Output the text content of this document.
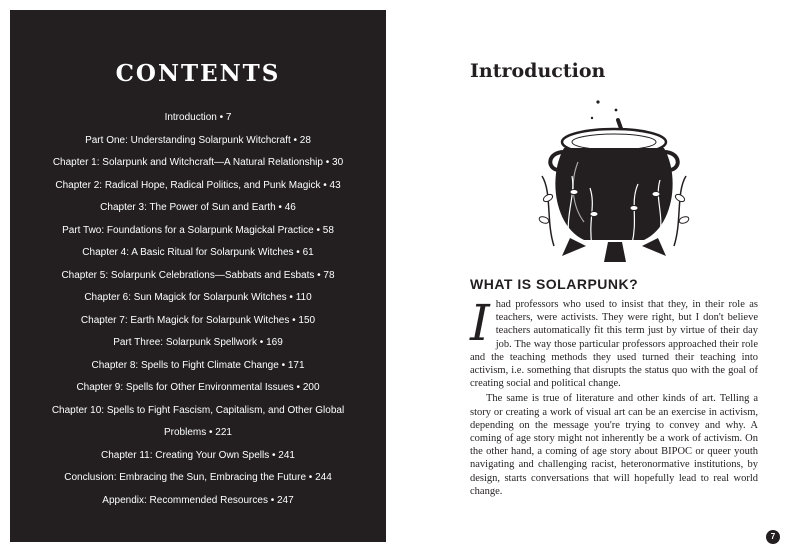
CONTENTS
Introduction • 7
Part One: Understanding Solarpunk Witchcraft • 28
Chapter 1: Solarpunk and Witchcraft—A Natural Relationship • 30
Chapter 2: Radical Hope, Radical Politics, and Punk Magick • 43
Chapter 3: The Power of Sun and Earth • 46
Part Two: Foundations for a Solarpunk Magickal Practice • 58
Chapter 4: A Basic Ritual for Solarpunk Witches • 61
Chapter 5: Solarpunk Celebrations—Sabbats and Esbats • 78
Chapter 6: Sun Magick for Solarpunk Witches • 110
Chapter 7: Earth Magick for Solarpunk Witches • 150
Part Three: Solarpunk Spellwork • 169
Chapter 8: Spells to Fight Climate Change • 171
Chapter 9: Spells for Other Environmental Issues • 200
Chapter 10: Spells to Fight Fascism, Capitalism, and Other Global
Problems • 221
Chapter 11: Creating Your Own Spells • 241
Conclusion: Embracing the Sun, Embracing the Future • 244
Appendix: Recommended Resources • 247
Introduction
WHAT IS SOLARPUNK?

I had professors who used to insist that they, in their role as teachers, were activists. They were right, but I don't believe teachers automatically fit this term just by virtue of their day job. The way those particular professors approached their role and the teaching methods they used turned their teaching into activism, i.e. something that disrupts the status quo with the goal of creating social and political change.

The same is true of literature and other kinds of art. Telling a story or creating a work of visual art can be an exercise in activism, depending on the message you're trying to convey and why. A coming of age story might not inherently be a work of activism. On the other hand, a coming of age story about BIPOC or queer youth navigating and challenging racist, heteronormative institutions, by design, starts conversations that will hopefully lead to real world change.

7
